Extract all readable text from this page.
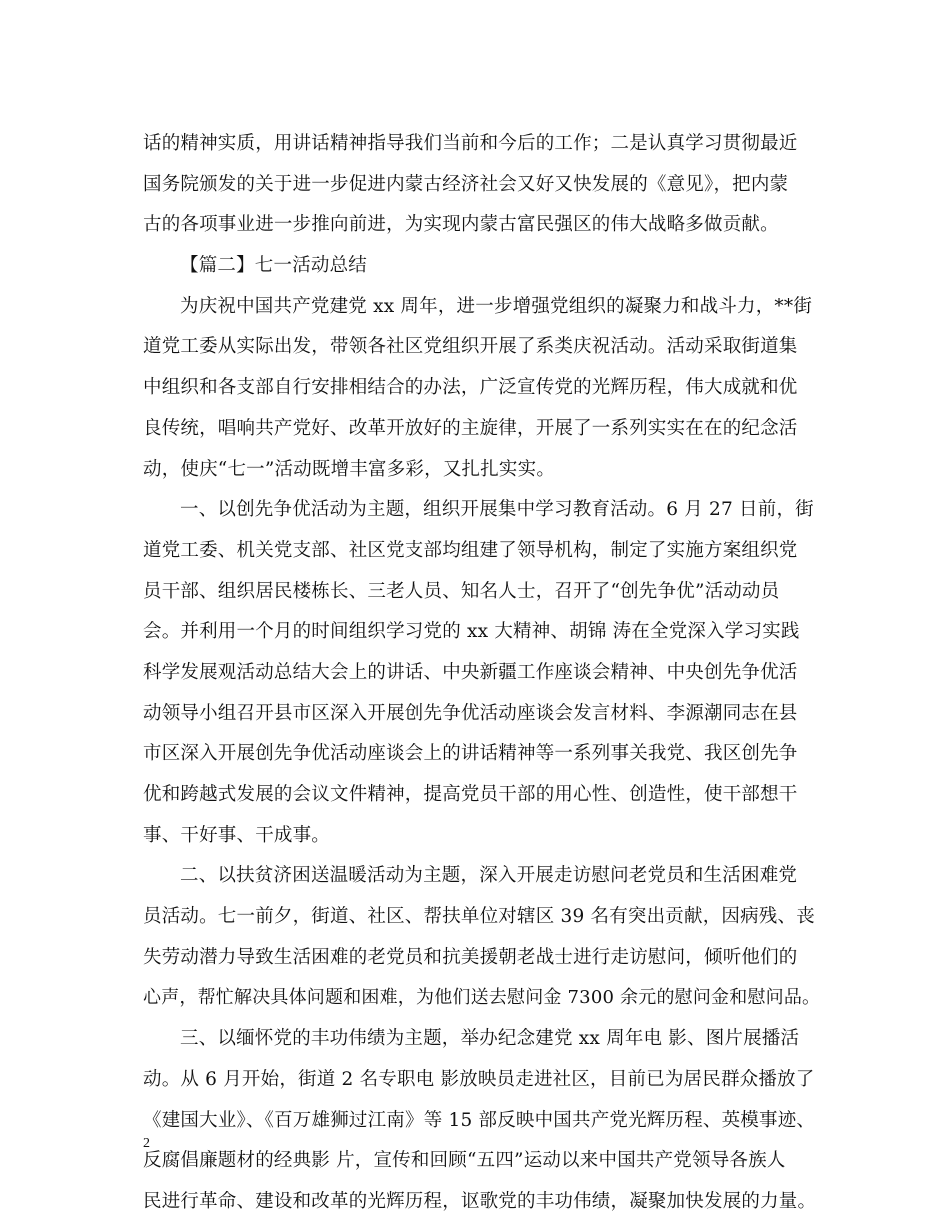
话的精神实质，用讲话精神指导我们当前和今后的工作；二是认真学习贯彻最近
国务院颁发的关于进一步促进内蒙古经济社会又好又快发展的《意见》，把内蒙
古的各项事业进一步推向前进，为实现内蒙古富民强区的伟大战略多做贡献。
【篇二】七一活动总结
为庆祝中国共产党建党 xx 周年，进一步增强党组织的凝聚力和战斗力，**街
道党工委从实际出发，带领各社区党组织开展了系类庆祝活动。活动采取街道集
中组织和各支部自行安排相结合的办法，广泛宣传党的光辉历程，伟大成就和优
良传统，唱响共产党好、改革开放好的主旋律，开展了一系列实实在在的纪念活
动，使庆“七一”活动既增丰富多彩，又扎扎实实。
一、以创先争优活动为主题，组织开展集中学习教育活动。6 月 27 日前，街
道党工委、机关党支部、社区党支部均组建了领导机构，制定了实施方案组织党
员干部、组织居民楼栋长、三老人员、知名人士，召开了“创先争优”活动动员
会。并利用一个月的时间组织学习党的 xx 大精神、胡锦 涛在全党深入学习实践
科学发展观活动总结大会上的讲话、中央新疆工作座谈会精神、中央创先争优活
动领导小组召开县市区深入开展创先争优活动座谈会发言材料、李源潮同志在县
市区深入开展创先争优活动座谈会上的讲话精神等一系列事关我党、我区创先争
优和跨越式发展的会议文件精神，提高党员干部的用心性、创造性，使干部想干
事、干好事、干成事。
二、以扶贫济困送温暖活动为主题，深入开展走访慰问老党员和生活困难党
员活动。七一前夕，街道、社区、帮扶单位对辖区 39 名有突出贡献，因病残、丧
失劳动潜力导致生活困难的老党员和抗美援朝老战士进行走访慰问，倾听他们的
心声，帮忙解决具体问题和困难，为他们送去慰问金 7300 余元的慰问金和慰问品。
三、以缅怀党的丰功伟绩为主题，举办纪念建党 xx 周年电 影、图片展播活
动。从 6 月开始，街道 2 名专职电 影放映员走进社区，目前已为居民群众播放了
《建国大业》、《百万雄狮过江南》等 15 部反映中国共产党光辉历程、英模事迹、
反腐倡廉题材的经典影 片，宣传和回顾“五四”运动以来中国共产党领导各族人
民进行革命、建设和改革的光辉历程，讴歌党的丰功伟绩，凝聚加快发展的力量。
2
